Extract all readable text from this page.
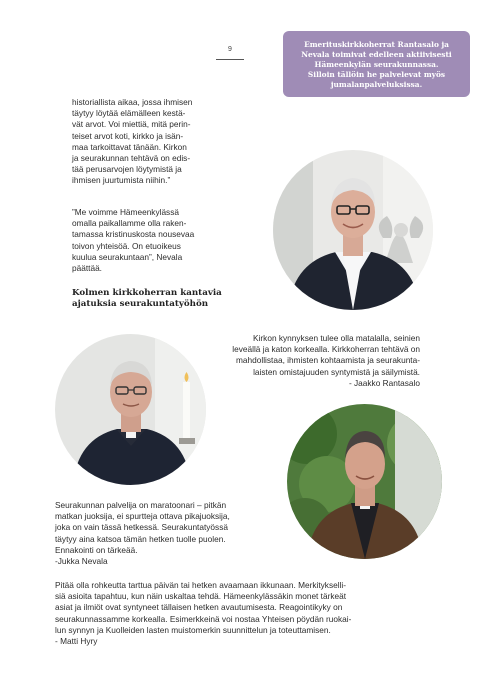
9
Emerituskirkkoherrat Rantasalo ja
Nevala toimivat edelleen aktiivisesti
Hämeenkylän seurakunnassa.
Silloin tällöin he palvelevat myös
jumalanpalveluksissa.
historiallista aikaa, jossa ihmisen
täytyy löytää elämälleen kestä-
vät arvot. Voi miettiä, mitä perin-
teiset arvot koti, kirkko ja isän-
maa tarkoittavat tänään. Kirkon
ja seurakunnan tehtävä on edis-
tää perusarvojen löytymistä ja
ihmisen juurtumista niihin.”
”Me voimme Hämeenkylässä
omalla paikallamme olla raken-
tamassa kristinuskosta nousevaa
toivon yhteisöä. On etuoikeus
kuulua seurakuntaan”, Nevala
päättää.
Kolmen kirkkoherran kantavia
ajatuksia seurakuntatyöhön
Kirkon kynnyksen tulee olla matalalla, seinien
leveällä ja katon korkealla. Kirkkoherran tehtävä on
mahdollistaa, ihmisten kohtaamista ja seurakunta-
laisten omistajuuden syntymistä ja säilymistä.
- Jaakko Rantasalo
Seurakunnan palvelija on maratoonari – pitkän
matkan juoksija, ei spurtteja ottava pikajuoksija,
joka on vain tässä hetkessä. Seurakuntatyössä
täytyy aina katsoa tämän hetken tuolle puolen.
Ennakointi on tärkeää.
-Jukka Nevala
Pitää olla rohkeutta tarttua päivän tai hetken avaamaan ikkunaan. Merkitykselli-
siä asioita tapahtuu, kun näin uskaltaa tehdä. Hämeenkylässäkin monet tärkeät
asiat ja ilmiöt ovat syntyneet tällaisen hetken avautumisesta. Reagointikyky on
seurakunnassamme korkealla. Esimerkkeinä voi nostaa Yhteisen pöydän ruokai-
lun synnyn ja Kuolleiden lasten muistomerkin suunnittelun ja toteuttamisen.
- Matti Hyry
